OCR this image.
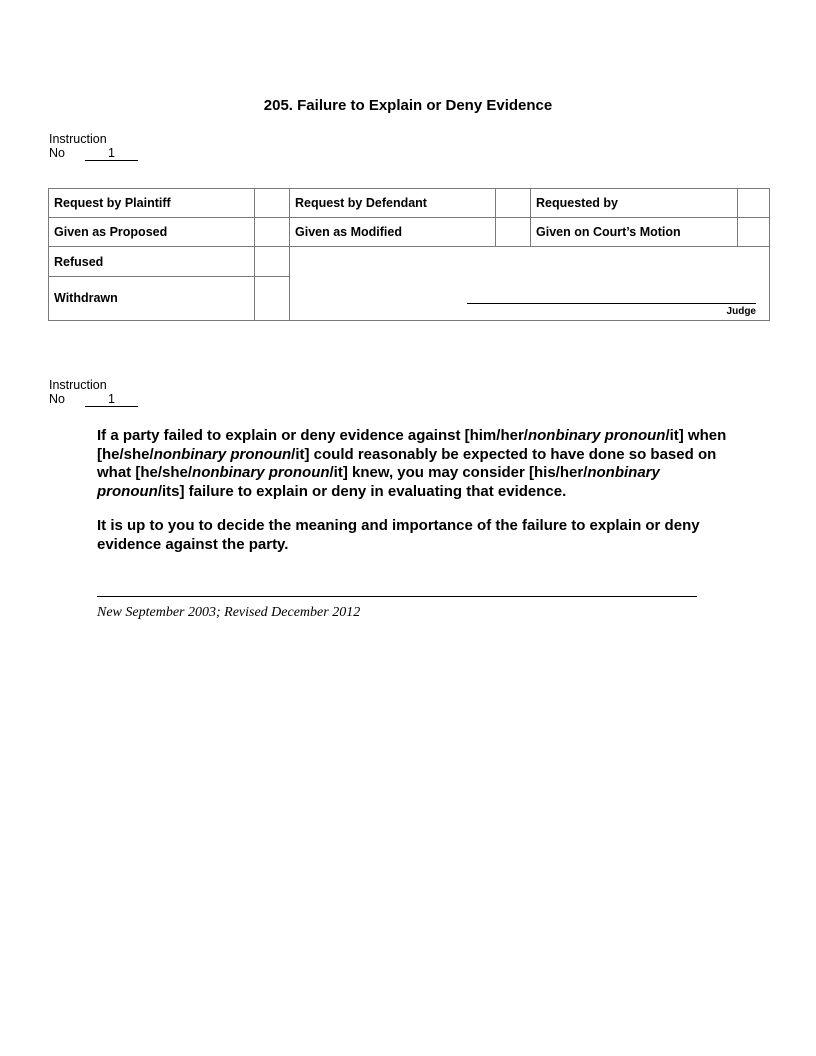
205. Failure to Explain or Deny Evidence
Instruction
No	1
Request by Plaintiff		Request by Defendant		Requested by	
Given as Proposed		Given as Modified		Given on Court’s Motion	
Refused		Judge			

Withdrawn					
Instruction
No	1

If a party failed to explain or deny evidence against [him/her/nonbinary pronoun/it] when [he/she/nonbinary pronoun/it] could reasonably be expected to have done so based on what [he/she/nonbinary pronoun/it] knew, you may consider [his/her/nonbinary pronoun/its] failure to explain or deny in evaluating that evidence.

It is up to you to decide the meaning and importance of the failure to explain or deny evidence against the party.

New September 2003; Revised December 2012
